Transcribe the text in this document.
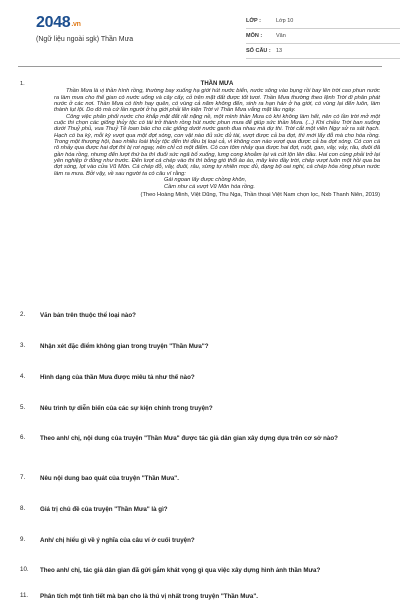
2048.vn
(Ngữ liệu ngoài sgk) Thần Mưa
LỚP :	Lớp 10
MÔN :	Văn
SỐ CÂU : 13
1.	THẦN MƯA

Thần Mưa là vị thần hình rồng, thường bay xuống hạ giới hút nước biển, nước sông vào bụng rồi bay lên trời cao phun nước ra làm mưa cho thế gian có nước uống và cây cấy, cỏ trên mặt đất được tốt tươi. Thần Mưa thường theo lệnh Trời đi phân phát nước ở các nơi. Thần Mưa có tính hay quên, có vùng cả năm không đến, sinh ra hạn hán ở hạ giới, có vùng lại đến luôn, làm thành lụt lội. Do đó mà cứ lần người ở hạ giới phải lên kiện Trời vì Thần Mưa vắng mặt lâu ngày.

Công việc phân phối nước cho khắp mặt đất rất nặng nề, một mình thần Mưa có khi không làm hết, nên có lần trời mở một cuộc thi chọn các giống thủy tộc có tài trở thành rồng hút nước phun mưa để giúp sức thần Mưa. (...) Khi chiều Trời ban xuống dưới Thuỷ phủ, vua Thuỷ Tề loan báo cho các giống dưới nước ganh đua nhau mà dự thi. Trời cắt một viên Ngự sử ra sát hạch. Hạch có ba kỳ, mỗi kỳ vượt qua một đợt sóng, con vật nào đủ sức đủ tài, vượt được cả ba đợt, thì mới lấy đỗ mà cho hóa rồng. Trong một thượng hội, bao nhiêu loài thủy tộc đến thi đều bị loại cả, vì không con nào vượt qua được cả ba đợt sóng. Có con cá rô nhảy qua được hai đợt thì bị rơi ngay, nên chỉ có một điểm. Có con tôm nhảy qua được hai đợt, ruột, gan, vây, vảy, râu, đuôi đã gần hóa rồng, nhưng đến lượt thứ ba thì đuối sức ngã bổ xuống, lưng cong khoằm lại và cứt lộn lên đầu. Hai con cùng phải trở lại yên nghiệp ở đồng như trước. Đến lượt cá chép vào thi thì bỗng gió thổi ào ào, mây kéo đầy trời, chép vượt luôn một hồi qua ba đợt sóng, lọt vào cửa Vũ Môn. Cá chép đỗ, vây, đuôi, râu, sừng tự nhiên mọc đủ, đạng bộ oai nghi, cá chép hóa rồng phun nước làm ra mưa. Bởi vậy, về sau người ta có câu ví rằng:

Gái ngoan lấy được chồng khôn,
Cầm như cá vượt Vũ Môn hóa rồng.
(Theo Hoàng Minh, Việt Dũng, Thu Nga, Thần thoại Việt Nam chọn lọc, Nxb Thanh Niên, 2019)
2. Văn bản trên thuộc thể loại nào?
3. Nhận xét đặc điểm không gian trong truyện "Thần Mưa"?
4. Hình dạng của thần Mưa được miêu tả như thế nào?
5. Nêu trình tự diễn biến của các sự kiện chính trong truyện?
6. Theo anh/ chị, nội dung của truyện "Thần Mưa" được tác giả dân gian xây dựng dựa trên cơ sở nào?
7. Nêu nội dung bao quát của truyện "Thần Mưa".
8. Giá trị chủ đề của truyện "Thần Mưa" là gì?
9. Anh/ chị hiểu gì về ý nghĩa của câu ví ở cuối truyện?
10. Theo anh/ chị, tác giả dân gian đã gửi gắm khát vọng gì qua việc xây dựng hình ảnh thần Mưa?
11. Phân tích một tình tiết mà bạn cho là thú vị nhất trong truyện "Thần Mưa".
